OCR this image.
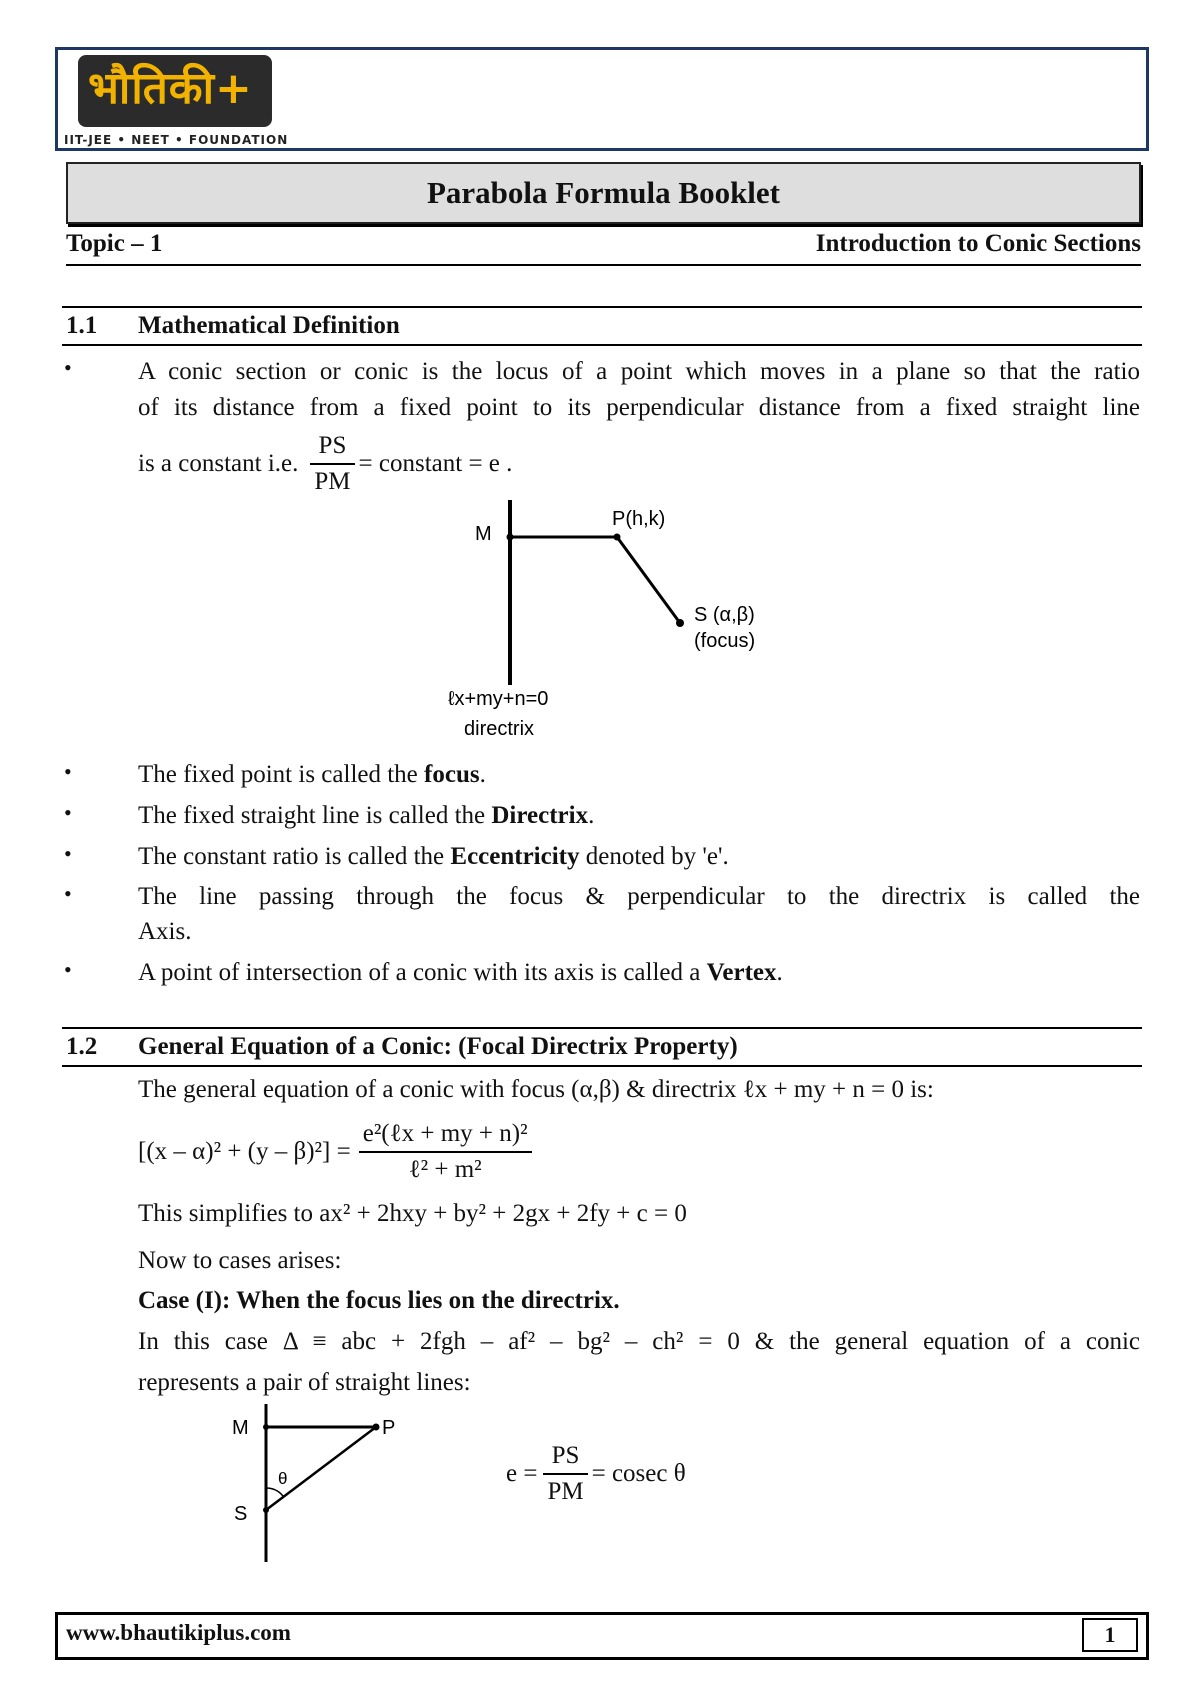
भौतिकी+
IIT-JEE • NEET • FOUNDATION
Parabola Formula Booklet
Topic – 1	Introduction to Conic Sections
1.1 Mathematical Definition
•	A conic section or conic is the locus of a point which moves in a plane so that the ratio
of its distance from a fixed point to its perpendicular distance from a fixed straight line
is a constant i.e. $\frac{PS}{PM}$ = constant = e .
M
P(h,k)
S (α,β)
(focus)
ℓx+my+n=0
directrix
•	The fixed point is called the focus.
•	The fixed straight line is called the Directrix.
•	The constant ratio is called the Eccentricity denoted by 'e'.
•	The line passing through the focus & perpendicular to the directrix is called the
Axis.
•	A point of intersection of a conic with its axis is called a Vertex.
1.2 General Equation of a Conic: (Focal Directrix Property)
The general equation of a conic with focus (α,β) & directrix ℓx + my + n = 0 is:
$[(x - \alpha)^2 + (y - \beta)^2] = \frac{\text{e²(ℓx + my + n)²}}{\text{ℓ² + m²}}$
This simplifies to ax² + 2hxy + by² + 2gx + 2fy + c = 0
Now to cases arises:
Case (I): When the focus lies on the directrix.
In this case Δ ≡ abc + 2fgh – af² – bg² – ch² = 0 & the general equation of a conic
represents a pair of straight lines:
M	P
S
θ	$e = \frac{PS}{PM} = cosec$ θ
www.bhautikiplus.com	1
